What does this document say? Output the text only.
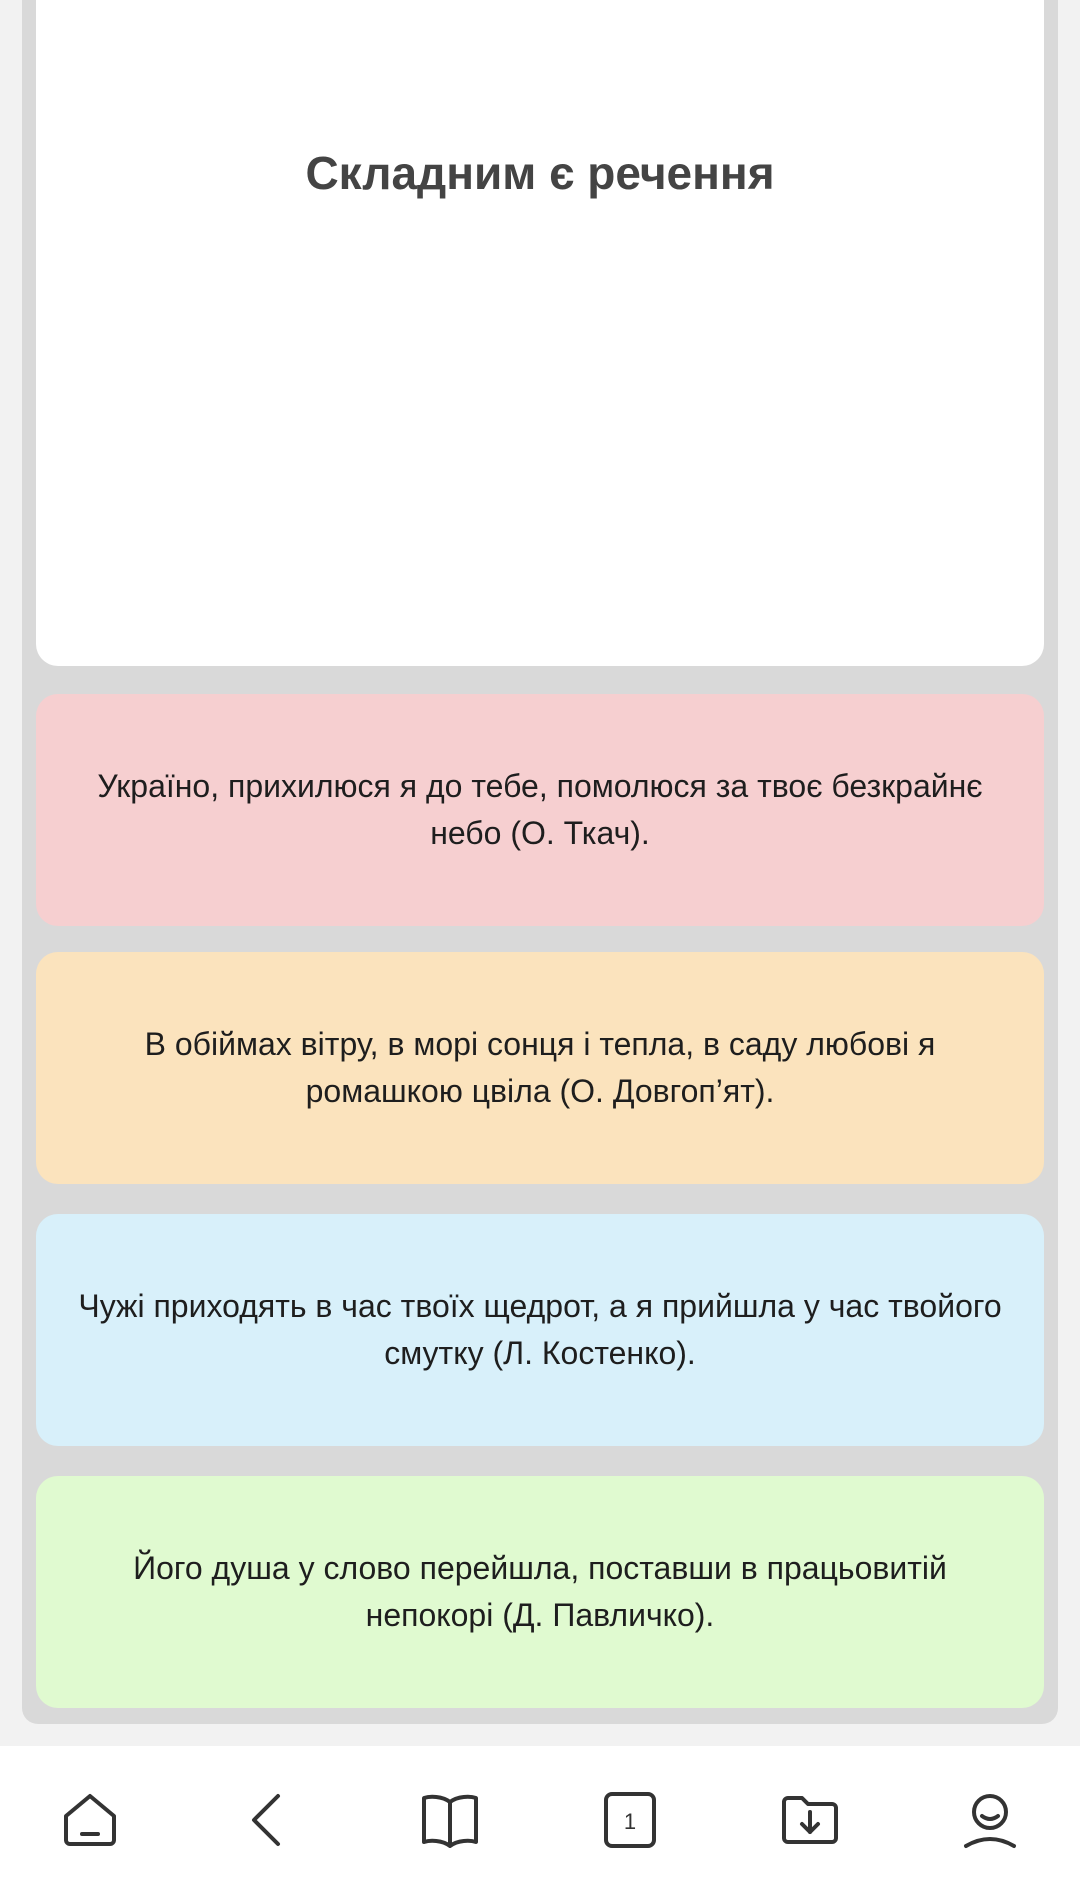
Складним є речення
Україно, прихилюся я до тебе, помолюся за твоє безкрайнє небо (О. Ткач).
В обіймах вітру, в морі сонця і тепла, в саду любові я ромашкою цвіла (О. Довгоп’ят).
Чужі приходять в час твоїх щедрот, а я прийшла у час твойого смутку (Л. Костенко).
Його душа у слово перейшла, поставши в працьовитій непокорі (Д. Павличко).
1
